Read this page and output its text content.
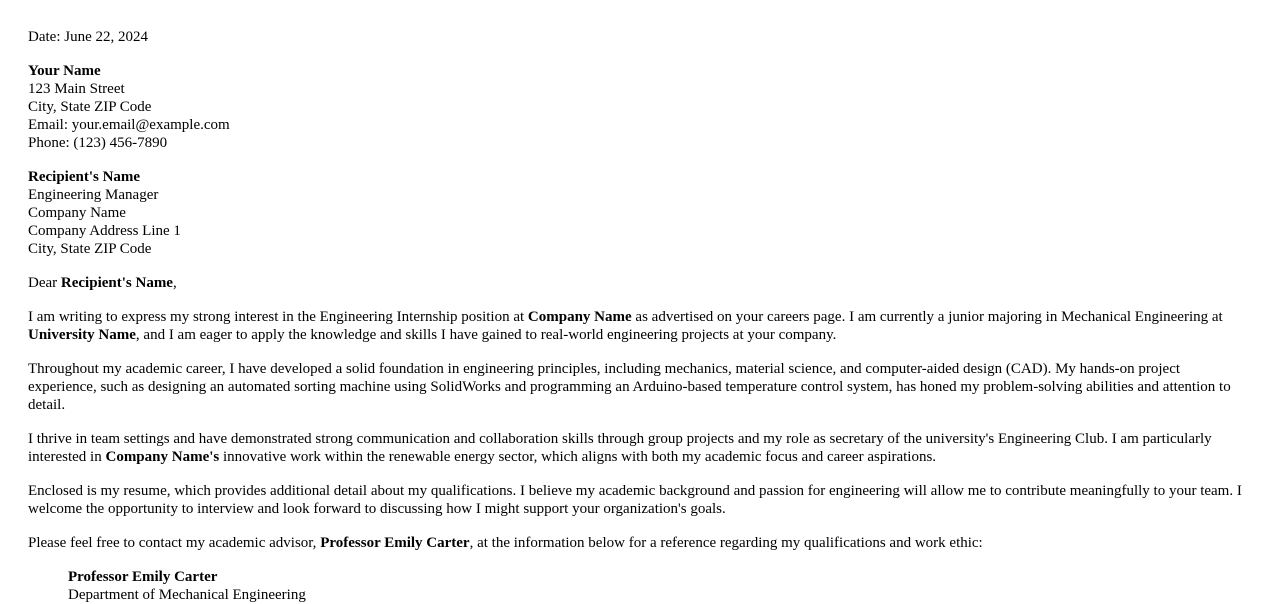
Date: June 22, 2024

Your Name
123 Main Street
City, State ZIP Code
Email: your.email@example.com
Phone: (123) 456-7890
Recipient's Name
Engineering Manager
Company Name
Company Address Line 1
City, State ZIP Code

Dear Recipient's Name,

I am writing to express my strong interest in the Engineering Internship position at Company Name as advertised on your careers page. I am currently a junior majoring in Mechanical Engineering at University Name, and I am eager to apply the knowledge and skills I have gained to real-world engineering projects at your company.

Throughout my academic career, I have developed a solid foundation in engineering principles, including mechanics, material science, and computer-aided design (CAD). My hands-on project experience, such as designing an automated sorting machine using SolidWorks and programming an Arduino-based temperature control system, has honed my problem-solving abilities and attention to detail.

I thrive in team settings and have demonstrated strong communication and collaboration skills through group projects and my role as secretary of the university's Engineering Club. I am particularly interested in Company Name's innovative work within the renewable energy sector, which aligns with both my academic focus and career aspirations.

Enclosed is my resume, which provides additional detail about my qualifications. I believe my academic background and passion for engineering will allow me to contribute meaningfully to your team. I welcome the opportunity to interview and look forward to discussing how I might support your organization's goals.

Please feel free to contact my academic advisor, Professor Emily Carter, at the information below for a reference regarding my qualifications and work ethic:

Professor Emily Carter
Department of Mechanical Engineering
